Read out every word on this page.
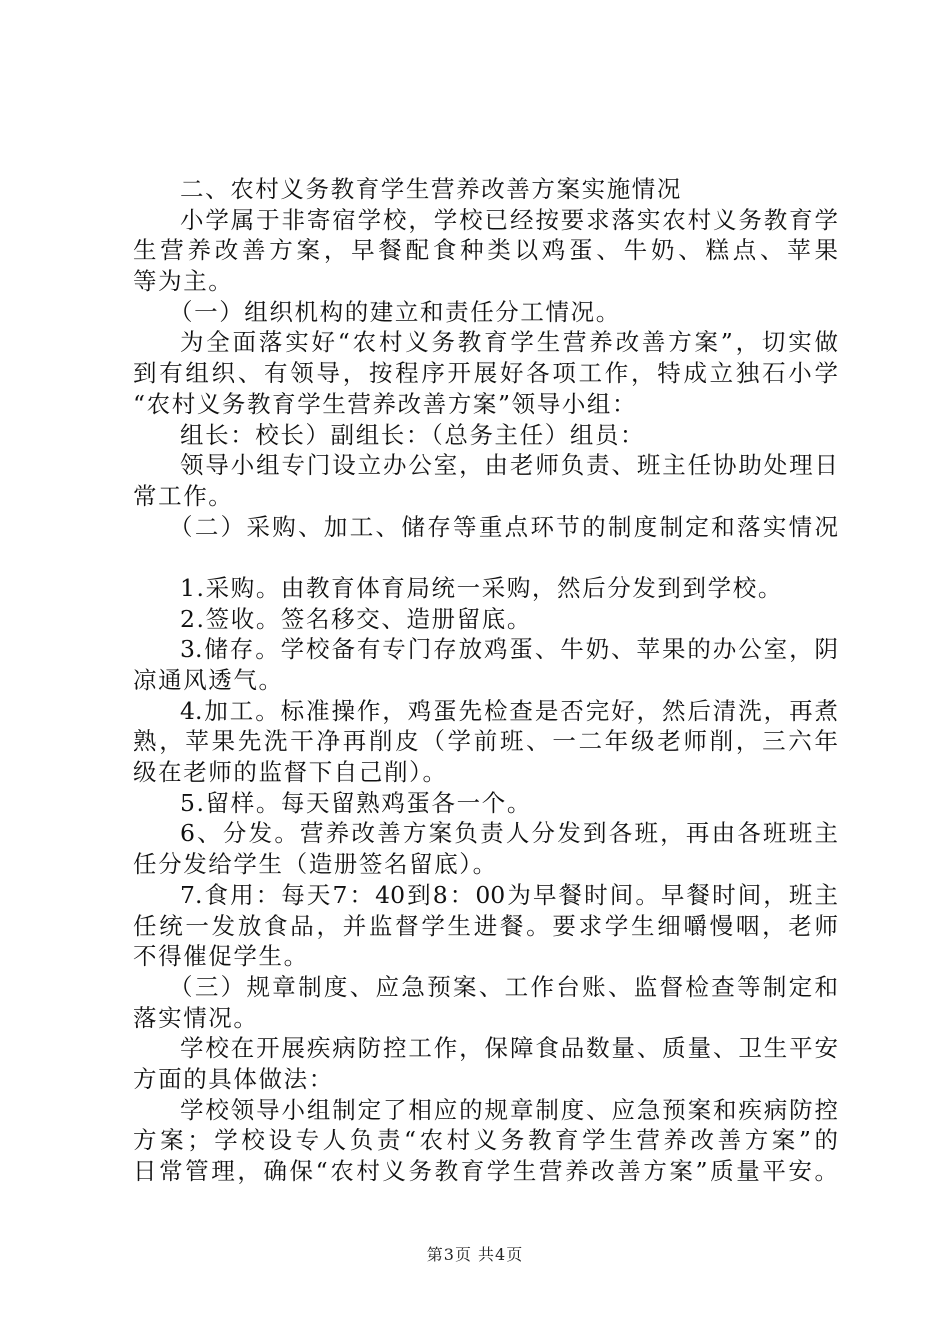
二、农村义务教育学生营养改善方案实施情况
小学属于非寄宿学校，学校已经按要求落实农村义务教育学
生营养改善方案，早餐配食种类以鸡蛋、牛奶、糕点、苹果
等为主。
（一）组织机构的建立和责任分工情况。
为全面落实好“农村义务教育学生营养改善方案”，切实做
到有组织、有领导，按程序开展好各项工作，特成立独石小学
“农村义务教育学生营养改善方案”领导小组：
组长：校长）副组长：（总务主任）组员：
领导小组专门设立办公室，由老师负责、班主任协助处理日
常工作。
（二）采购、加工、储存等重点环节的制度制定和落实情况
1.采购。由教育体育局统一采购，然后分发到到学校。
2.签收。签名移交、造册留底。
3.储存。学校备有专门存放鸡蛋、牛奶、苹果的办公室，阴
凉通风透气。
4.加工。标准操作，鸡蛋先检查是否完好，然后清洗，再煮
熟，苹果先洗干净再削皮（学前班、一二年级老师削，三六年
级在老师的监督下自己削）。
5.留样。每天留熟鸡蛋各一个。
6、分发。营养改善方案负责人分发到各班，再由各班班主
任分发给学生（造册签名留底）。
7.食用：每天7：40到8：00为早餐时间。早餐时间，班主
任统一发放食品，并监督学生进餐。要求学生细嚼慢咽，老师
不得催促学生。
（三）规章制度、应急预案、工作台账、监督检查等制定和
落实情况。
学校在开展疾病防控工作，保障食品数量、质量、卫生平安
方面的具体做法：
学校领导小组制定了相应的规章制度、应急预案和疾病防控
方案；学校设专人负责“农村义务教育学生营养改善方案”的
日常管理，确保“农村义务教育学生营养改善方案”质量平安。
第3页 共4页
